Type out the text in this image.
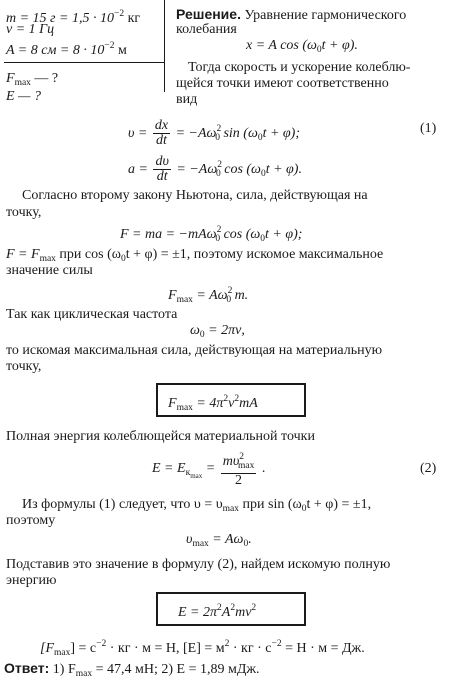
m = 15 $г = 1,5 \cdot 10^{-2}$ кг
ν = 1 Гц
A = 8 см = $8 \cdot 10^{-2}$ м
$F_{max}$ — ?
E — ?
Решение. Уравнение гармонического
колебания
x = A $\cos (\omega_0t + \varphi)$.
Тогда скорость и ускорение колеблю-
щейся точки имеют соответственно
вид
$\upsilon = \frac{dx}{dt} = -A\omega^2_0$ $\sin (\omega_0t + \varphi)$;	(1)
$a = \frac{d\upsilon}{dt} = -A\omega^2_0$ $\cos (\omega_0t + \varphi)$.
Согласно второму закону Ньютона, сила, действующая на
точку,
F = ma = −mAω$^2_0$ $\cos (\omega_0t + \varphi)$;
$F = F_{max}$ при $\cos (\omega_0t + \varphi) = \pm 1$, поэтому искомое максимальное
значение силы
$F_{max} = A\omega^2_0$ m.
Так как циклическая частота
$\omega_0 = 2\pi\nu$,
то искомая максимальная сила, действующая на материальную
точку,
$F_{max} = 4\pi^2\nu^2mA$
Полная энергия колеблющейся материальной точки
$E = E_{кmax} = \frac{m\upsilon^2_{max}}{2}$ .	(2)
Из формулы (1) следует, что $\upsilon = \upsilon_{max}$ при $\sin (\omega_0t + \varphi) = \pm 1$,
поэтому
$\upsilon_{max} = A\omega_0$.
Подставив это значение в формулу (2), найдем искомую полную
энергию
$E = 2\pi^2A^2m\nu^2$
$[F_{max}] = с^{-2}$ · кг · м = Н, $[E] = м^2$ · кг · $с^{-2} = Н \cdot м$ = Дж.
Ответ: 1) $F_{max} = 47,4$ мН; 2) E = 1,89 мДж.
